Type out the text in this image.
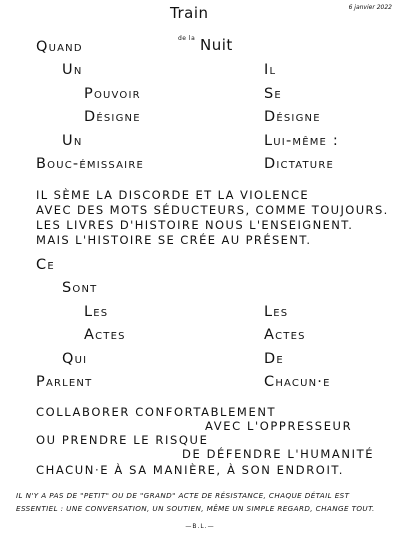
6 janvier 2022
Train
de la Nuit
Quand
Un
Pouvoir
Désigne
Un
Bouc-émissaire
Il
Se
Désigne
Lui-même :
Dictature
IL SÈME LA DISCORDE ET LA VIOLENCE
AVEC DES MOTS SÉDUCTEURS, COMME TOUJOURS.
LES LIVRES D'HISTOIRE NOUS L'ENSEIGNENT.
MAIS L'HISTOIRE SE CRÉE AU PRÉSENT.
Ce
Sont
Les
Actes
Qui
Parlent
Les
Actes
De
Chacun·e
COLLABORER CONFORTABLEMENT
AVEC L'OPPRESSEUR
OU PRENDRE LE RISQUE
DE DÉFENDRE L'HUMANITÉ
CHACUN·E À SA MANIÈRE, À SON ENDROIT.
IL N'Y A PAS DE "PETIT" OU DE "GRAND" ACTE DE RÉSISTANCE, CHAQUE DÉTAIL EST
ESSENTIEL : UNE CONVERSATION, UN SOUTIEN, MÊME UN SIMPLE REGARD, CHANGE TOUT.
—B.L.—
